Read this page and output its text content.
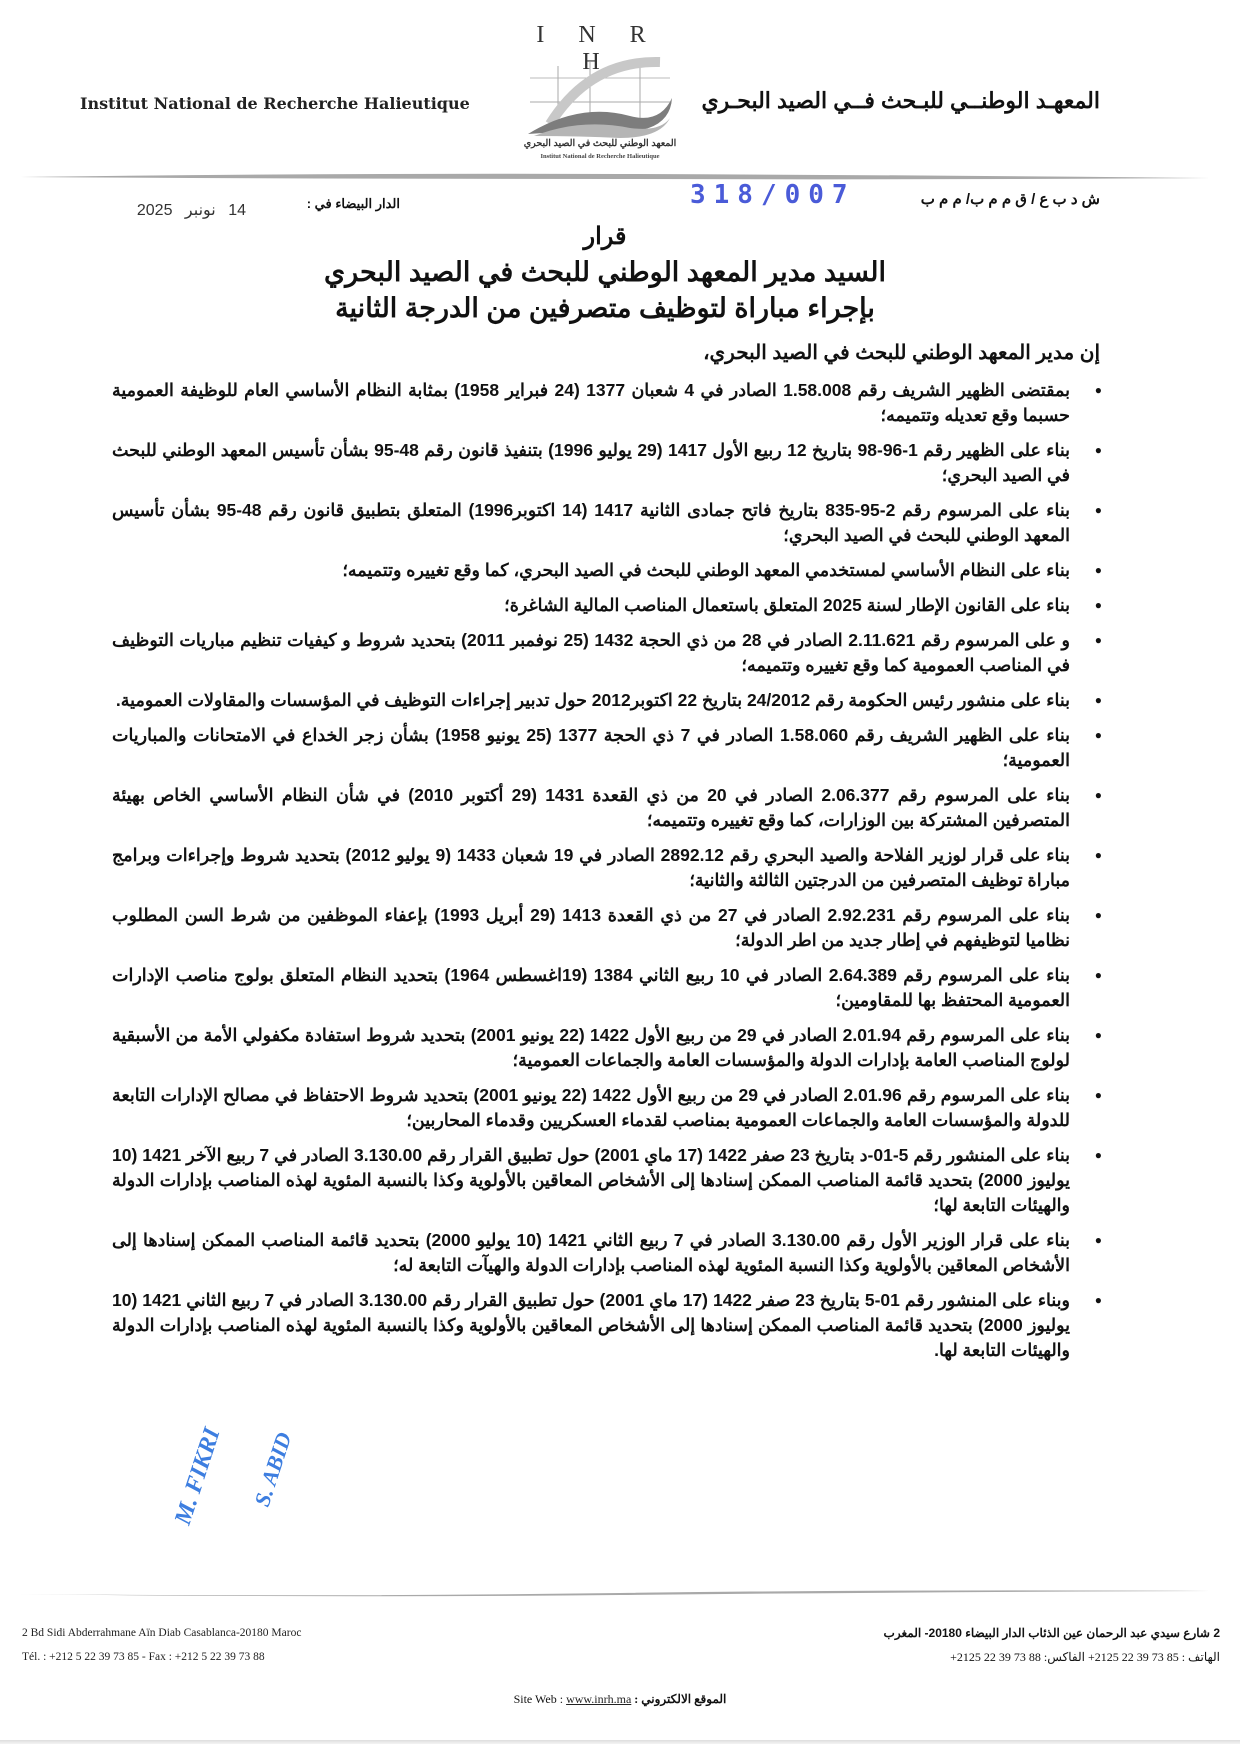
Institut National de Recherche Halieutique
I N R H
المعهد الوطني للبحث في الصيد البحري
Institut National de Recherche Halieutique
المعهـد الوطنــي للبـحث فــي الصيد البحـري
ش د ب ع / ق م م ب/ م م ب
318/007
الدار البيضاء في :
14 نونبر 2025
قرار
السيد مدير المعهد الوطني للبحث في الصيد البحري
بإجراء مباراة لتوظيف متصرفين من الدرجة الثانية
إن مدير المعهد الوطني للبحث في الصيد البحري،
● بمقتضى الظهير الشريف رقم 1.58.008 الصادر في 4 شعبان 1377 (24 فبراير 1958) بمثابة النظام الأساسي العام للوظيفة العمومية حسبما وقع تعديله وتتميمه؛
● بناء على الظهير رقم 1-96-98 بتاريخ 12 ربيع الأول 1417 (29 يوليو 1996) بتنفيذ قانون رقم 48-95 بشأن تأسيس المعهد الوطني للبحث في الصيد البحري؛
● بناء على المرسوم رقم 2-95-835 بتاريخ فاتح جمادى الثانية 1417 (14 اكتوبر1996) المتعلق بتطبيق قانون رقم 48-95 بشأن تأسيس المعهد الوطني للبحث في الصيد البحري؛
● بناء على النظام الأساسي لمستخدمي المعهد الوطني للبحث في الصيد البحري، كما وقع تغييره وتتميمه؛
● بناء على القانون الإطار لسنة 2025 المتعلق باستعمال المناصب المالية الشاغرة؛
● و على المرسوم رقم 2.11.621 الصادر في 28 من ذي الحجة 1432 (25 نوفمبر 2011) بتحديد شروط و كيفيات تنظيم مباريات التوظيف في المناصب العمومية كما وقع تغييره وتتميمه؛
● بناء على منشور رئيس الحكومة رقم 24/2012 بتاريخ 22 اكتوبر2012 حول تدبير إجراءات التوظيف في المؤسسات والمقاولات العمومية.
● بناء على الظهير الشريف رقم 1.58.060 الصادر في 7 ذي الحجة 1377 (25 يونيو 1958) بشأن زجر الخداع في الامتحانات والمباريات العمومية؛
● بناء على المرسوم رقم 2.06.377 الصادر في 20 من ذي القعدة 1431 (29 أكتوبر 2010) في شأن النظام الأساسي الخاص بهيئة المتصرفين المشتركة بين الوزارات، كما وقع تغييره وتتميمه؛
● بناء على قرار لوزير الفلاحة والصيد البحري رقم 2892.12 الصادر في 19 شعبان 1433 (9 يوليو 2012) بتحديد شروط وإجراءات وبرامج مباراة توظيف المتصرفين من الدرجتين الثالثة والثانية؛
● بناء على المرسوم رقم 2.92.231 الصادر في 27 من ذي القعدة 1413 (29 أبريل 1993) بإعفاء الموظفين من شرط السن المطلوب نظاميا لتوظيفهم في إطار جديد من اطر الدولة؛
● بناء على المرسوم رقم 2.64.389 الصادر في 10 ربيع الثاني 1384 (19اغسطس 1964) بتحديد النظام المتعلق بولوج مناصب الإدارات العمومية المحتفظ بها للمقاومين؛
● بناء على المرسوم رقم 2.01.94 الصادر في 29 من ربيع الأول 1422 (22 يونيو 2001) بتحديد شروط استفادة مكفولي الأمة من الأسبقية لولوج المناصب العامة بإدارات الدولة والمؤسسات العامة والجماعات العمومية؛
● بناء على المرسوم رقم 2.01.96 الصادر في 29 من ربيع الأول 1422 (22 يونيو 2001) بتحديد شروط الاحتفاظ في مصالح الإدارات التابعة للدولة والمؤسسات العامة والجماعات العمومية بمناصب لقدماء العسكريين وقدماء المحاربين؛
● بناء على المنشور رقم 5-01-د بتاريخ 23 صفر 1422 (17 ماي 2001) حول تطبيق القرار رقم 3.130.00 الصادر في 7 ربيع الآخر 1421 (10 يوليوز 2000) بتحديد قائمة المناصب الممكن إسنادها إلى الأشخاص المعاقين بالأولوية وكذا بالنسبة المئوية لهذه المناصب بإدارات الدولة والهيئات التابعة لها؛
● بناء على قرار الوزير الأول رقم 3.130.00 الصادر في 7 ربيع الثاني 1421 (10 يوليو 2000) بتحديد قائمة المناصب الممكن إسنادها إلى الأشخاص المعاقين بالأولوية وكذا النسبة المئوية لهذه المناصب بإدارات الدولة والهيآت التابعة له؛
● وبناء على المنشور رقم 01-5 بتاريخ 23 صفر 1422 (17 ماي 2001) حول تطبيق القرار رقم 3.130.00 الصادر في 7 ربيع الثاني 1421 (10 يوليوز 2000) بتحديد قائمة المناصب الممكن إسنادها إلى الأشخاص المعاقين بالأولوية وكذا بالنسبة المئوية لهذه المناصب بإدارات الدولة والهيئات التابعة لها.
M. FIKRI S. ABID
2 Bd Sidi Abderrahmane Aïn Diab Casablanca-20180 Maroc
Tél. : +212 5 22 39 73 85 - Fax : +212 5 22 39 73 88
2 شارع سيدي عبد الرحمان عين الذئاب الدار البيضاء 20180- المغرب
الهاتف : 85 73 39 22 2125+ الفاكس: 88 73 39 22 2125+
Site Web : www.inrh.ma : الموقع الالكتروني
